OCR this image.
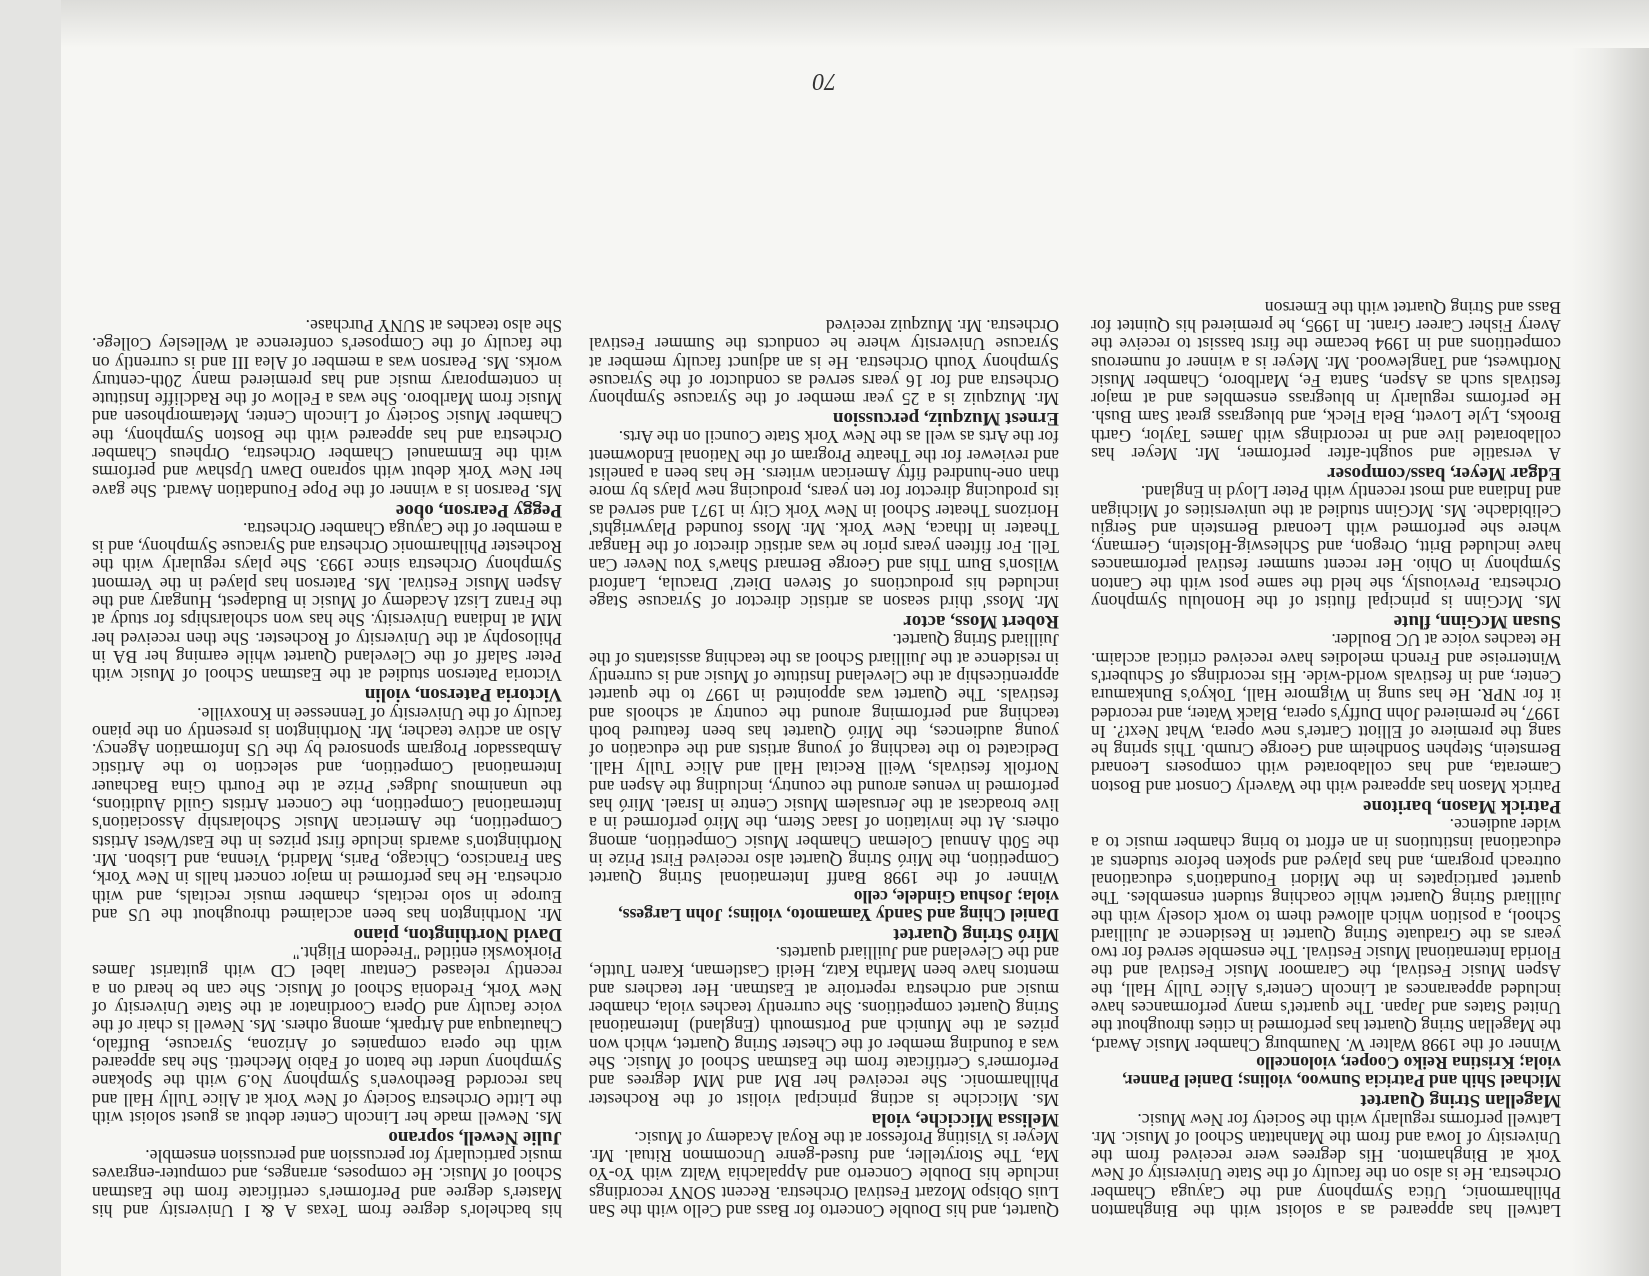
Latwell has appeared as a soloist with the Binghamton Philharmonic, Utica Symphony and the Cayuga Chamber Orchestra. He is also on the faculty of the State University of New York at Binghamton. His degrees were received from the University of Iowa and from the Manhattan School of Music. Mr. Latwell performs regularly with the Society for New Music.

Magellan String Quartet

Michael Shih and Patricia Sunwoo, violins; Daniel Panner, viola; Kristina Reiko Cooper, violoncello

Winner of the 1998 Walter W. Naumburg Chamber Music Award, the Magellan String Quartet has performed in cities throughout the United States and Japan. The quartet's many performances have included appearances at Lincoln Center's Alice Tully Hall, the Aspen Music Festival, the Caramoor Music Festival and the Florida International Music Festival. The ensemble served for two years as the Graduate String Quartet in Residence at Juilliard School, a position which allowed them to work closely with the Juilliard String Quartet while coaching student ensembles. The quartet participates in the Midori Foundation's educational outreach program, and has played and spoken before students at educational institutions in an effort to bring chamber music to a wider audience.

Patrick Mason, baritone

Patrick Mason has appeared with the Waverly Consort and Boston Camerata, and has collaborated with composers Leonard Bernstein, Stephen Sondheim and George Crumb. This spring he sang the premiere of Elliott Carter's new opera, What Next?. In 1997, he premiered John Duffy's opera, Black Water, and recorded it for NPR. He has sung in Wigmore Hall, Tokyo's Bunkamura Center, and in festivals world-wide. His recordings of Schubert's Winterreise and French melodies have received critical acclaim. He teaches voice at UC Boulder.

Susan McGinn, flute

Ms. McGinn is principal flutist of the Honolulu Symphony Orchestra. Previously, she held the same post with the Canton Symphony in Ohio. Her recent summer festival performances have included Britt, Oregon, and Schleswig-Holstein, Germany, where she performed with Leonard Bernstein and Sergiu Celibidache. Ms. McGinn studied at the universities of Michigan and Indiana and most recently with Peter Lloyd in England.

Edgar Meyer, bass/composer

A versatile and sought-after performer, Mr. Meyer has collaborated live and in recordings with James Taylor, Garth Brooks, Lyle Lovett, Bela Fleck, and bluegrass great Sam Bush. He performs regularly in bluegrass ensembles and at major festivals such as Aspen, Santa Fe, Marlboro, Chamber Music Northwest, and Tanglewood. Mr. Meyer is a winner of numerous competitions and in 1994 became the first bassist to receive the Avery Fisher Career Grant. In 1995, he premiered his Quintet for Bass and String Quartet with the Emerson

Quartet, and his Double Concerto for Bass and Cello with the San Luis Obispo Mozart Festival Orchestra. Recent SONY recordings include his Double Concerto and Appalachia Waltz with Yo-Yo Ma, The Storyteller, and fused-genre Uncommon Ritual. Mr. Meyer is Visiting Professor at the Royal Academy of Music.

Melissa Micciche, viola

Ms. Micciche is acting principal violist of the Rochester Philharmonic. She received her BM and MM degrees and Performer's Certificate from the Eastman School of Music. She was a founding member of the Chester String Quartet, which won prizes at the Munich and Portsmouth (England) International String Quartet competitions. She currently teaches viola, chamber music and orchestra repertoire at Eastman. Her teachers and mentors have been Martha Katz, Heidi Castleman, Karen Tuttle, and the Cleveland and Juilliard quartets.

Miró String Quartet

Daniel Ching and Sandy Yamamoto, violins; John Largess, viola; Joshua Gindele, cello

Winner of the 1998 Banff International String Quartet Competition, the Miró String Quartet also received First Prize in the 50th Annual Coleman Chamber Music Competition, among others. At the invitation of Isaac Stern, the Miró performed in a live broadcast at the Jerusalem Music Centre in Israel. Miró has performed in venues around the country, including the Aspen and Norfolk festivals, Weill Recital Hall and Alice Tully Hall. Dedicated to the teaching of young artists and the education of young audiences, the Miró Quartet has been featured both teaching and performing around the country at schools and festivals. The Quartet was appointed in 1997 to the quartet apprenticeship at the Cleveland Institute of Music and is currently in residence at the Juilliard School as the teaching assistants of the Juilliard String Quartet.

Robert Moss, actor

Mr. Moss' third season as artistic director of Syracuse Stage included his productions of Steven Dietz' Dracula, Lanford Wilson's Burn This and George Bernard Shaw's You Never Can Tell. For fifteen years prior he was artistic director of the Hangar Theater in Ithaca, New York. Mr. Moss founded Playwrights' Horizons Theater School in New York City in 1971 and served as its producing director for ten years, producing new plays by more than one-hundred fifty American writers. He has been a panelist and reviewer for the Theatre Program of the National Endowment for the Arts as well as the New York State Council on the Arts.

Ernest Muzquiz, percussion

Mr. Muzquiz is a 25 year member of the Syracuse Symphony Orchestra and for 16 years served as conductor of the Syracuse Symphony Youth Orchestra. He is an adjunct faculty member at Syracuse University where he conducts the Summer Festival Orchestra. Mr. Muzquiz received

his bachelor's degree from Texas A & I University and his Master's degree and Performer's certificate from the Eastman School of Music. He composes, arranges, and computer-engraves music particularly for percussion and percussion ensemble.

Julie Newell, soprano

Ms. Newell made her Lincoln Center debut as guest soloist with the Little Orchestra Society of New York at Alice Tully Hall and has recorded Beethoven's Symphony No.9 with the Spokane Symphony under the baton of Fabio Mechetti. She has appeared with the opera companies of Arizona, Syracuse, Buffalo, Chautauqua and Artpark, among others. Ms. Newell is chair of the voice faculty and Opera Coordinator at the State University of New York, Fredonia School of Music. She can be heard on a recently released Centaur label CD with guitarist James Piorkowski entitled "Freedom Flight."

David Northington, piano

Mr. Northington has been acclaimed throughout the US and Europe in solo recitals, chamber music recitals, and with orchestra. He has performed in major concert halls in New York, San Francisco, Chicago, Paris, Madrid, Vienna, and Lisbon. Mr. Northington's awards include first prizes in the East/West Artists Competition, the American Music Scholarship Association's International Competition, the Concert Artists Guild Auditions, the unanimous Judges' Prize at the Fourth Gina Bachauer International Competition, and selection to the Artistic Ambassador Program sponsored by the US Information Agency. Also an active teacher, Mr. Northington is presently on the piano faculty of the University of Tennessee in Knoxville.

Victoria Paterson, violin

Victoria Paterson studied at the Eastman School of Music with Peter Salaff of the Cleveland Quartet while earning her BA in Philosophy at the University of Rochester. She then received her MM at Indiana University. She has won scholarships for study at the Franz Liszt Academy of Music in Budapest, Hungary and the Aspen Music Festival. Ms. Paterson has played in the Vermont Symphony Orchestra since 1993. She plays regularly with the Rochester Philharmonic Orchestra and Syracuse Symphony, and is a member of the Cayuga Chamber Orchestra.

Peggy Pearson, oboe

Ms. Pearson is a winner of the Pope Foundation Award. She gave her New York debut with soprano Dawn Upshaw and performs with the Emmanuel Chamber Orchestra, Orpheus Chamber Orchestra and has appeared with the Boston Symphony, the Chamber Music Society of Lincoln Center, Metamorphosen and Music from Marlboro. She was a Fellow of the Radcliffe Institute in contemporary music and has premiered many 20th-century works. Ms. Pearson was a member of Alea III and is currently on the faculty of the Composer's conference at Wellesley College. She also teaches at SUNY Purchase.

70
